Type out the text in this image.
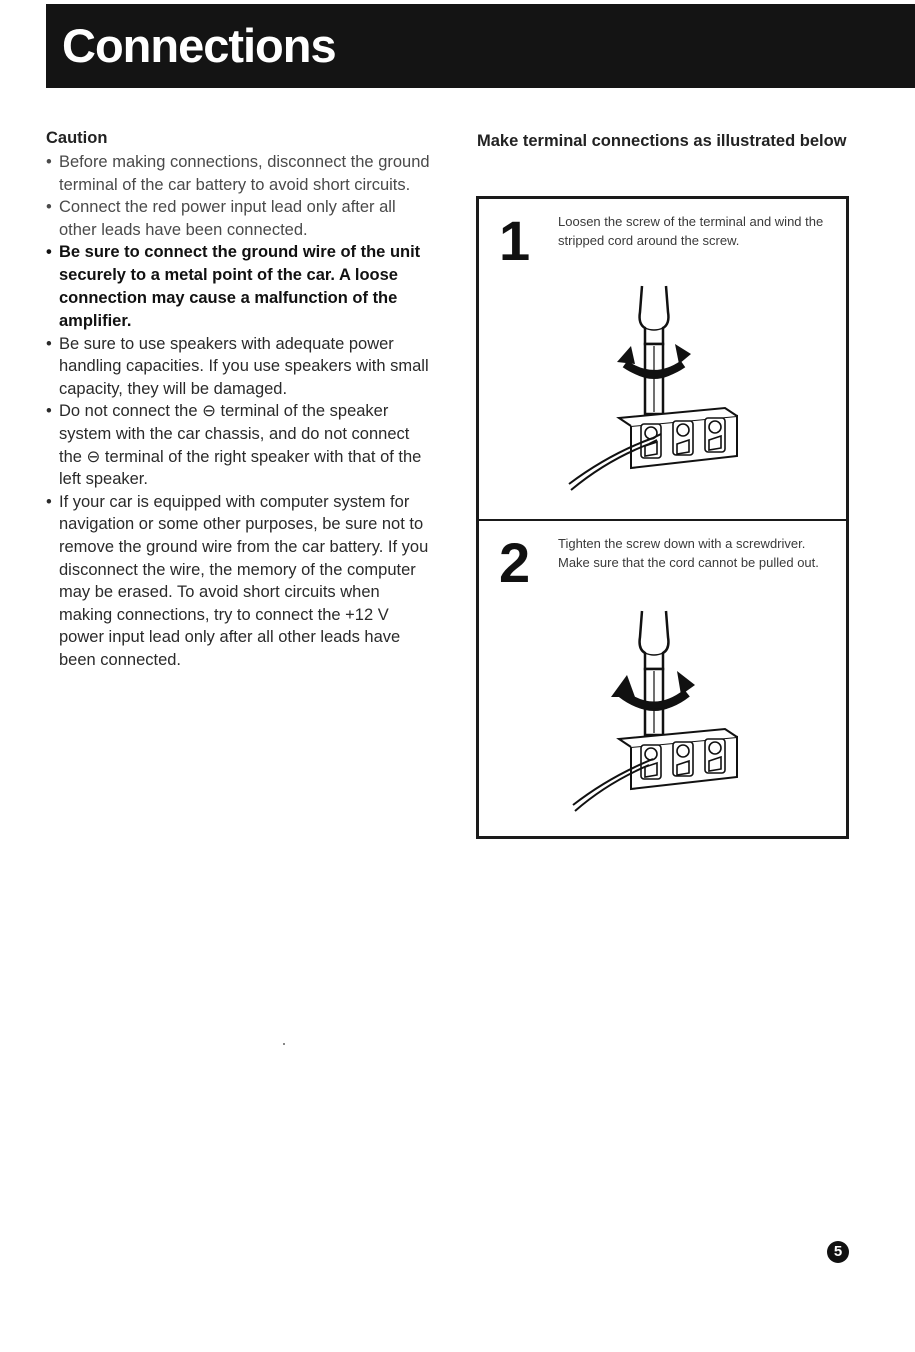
Connections

Caution

• Before making connections, disconnect the ground terminal of the car battery to avoid short circuits.
• Connect the red power input lead only after all other leads have been connected.
• Be sure to connect the ground wire of the unit securely to a metal point of the car. A loose connection may cause a malfunction of the amplifier.
• Be sure to use speakers with adequate power handling capacities. If you use speakers with small capacity, they will be damaged.
• Do not connect the ⊖ terminal of the speaker system with the car chassis, and do not connect the ⊖ terminal of the right speaker with that of the left speaker.
• If your car is equipped with computer system for navigation or some other purposes, be sure not to remove the ground wire from the car battery. If you disconnect the wire, the memory of the computer may be erased. To avoid short circuits when making connections, try to connect the +12 V power input lead only after all other leads have been connected.

Make terminal connections as illustrated below

1 Loosen the screw of the terminal and wind the stripped cord around the screw.
2 Tighten the screw down with a screwdriver. Make sure that the cord cannot be pulled out.
5
